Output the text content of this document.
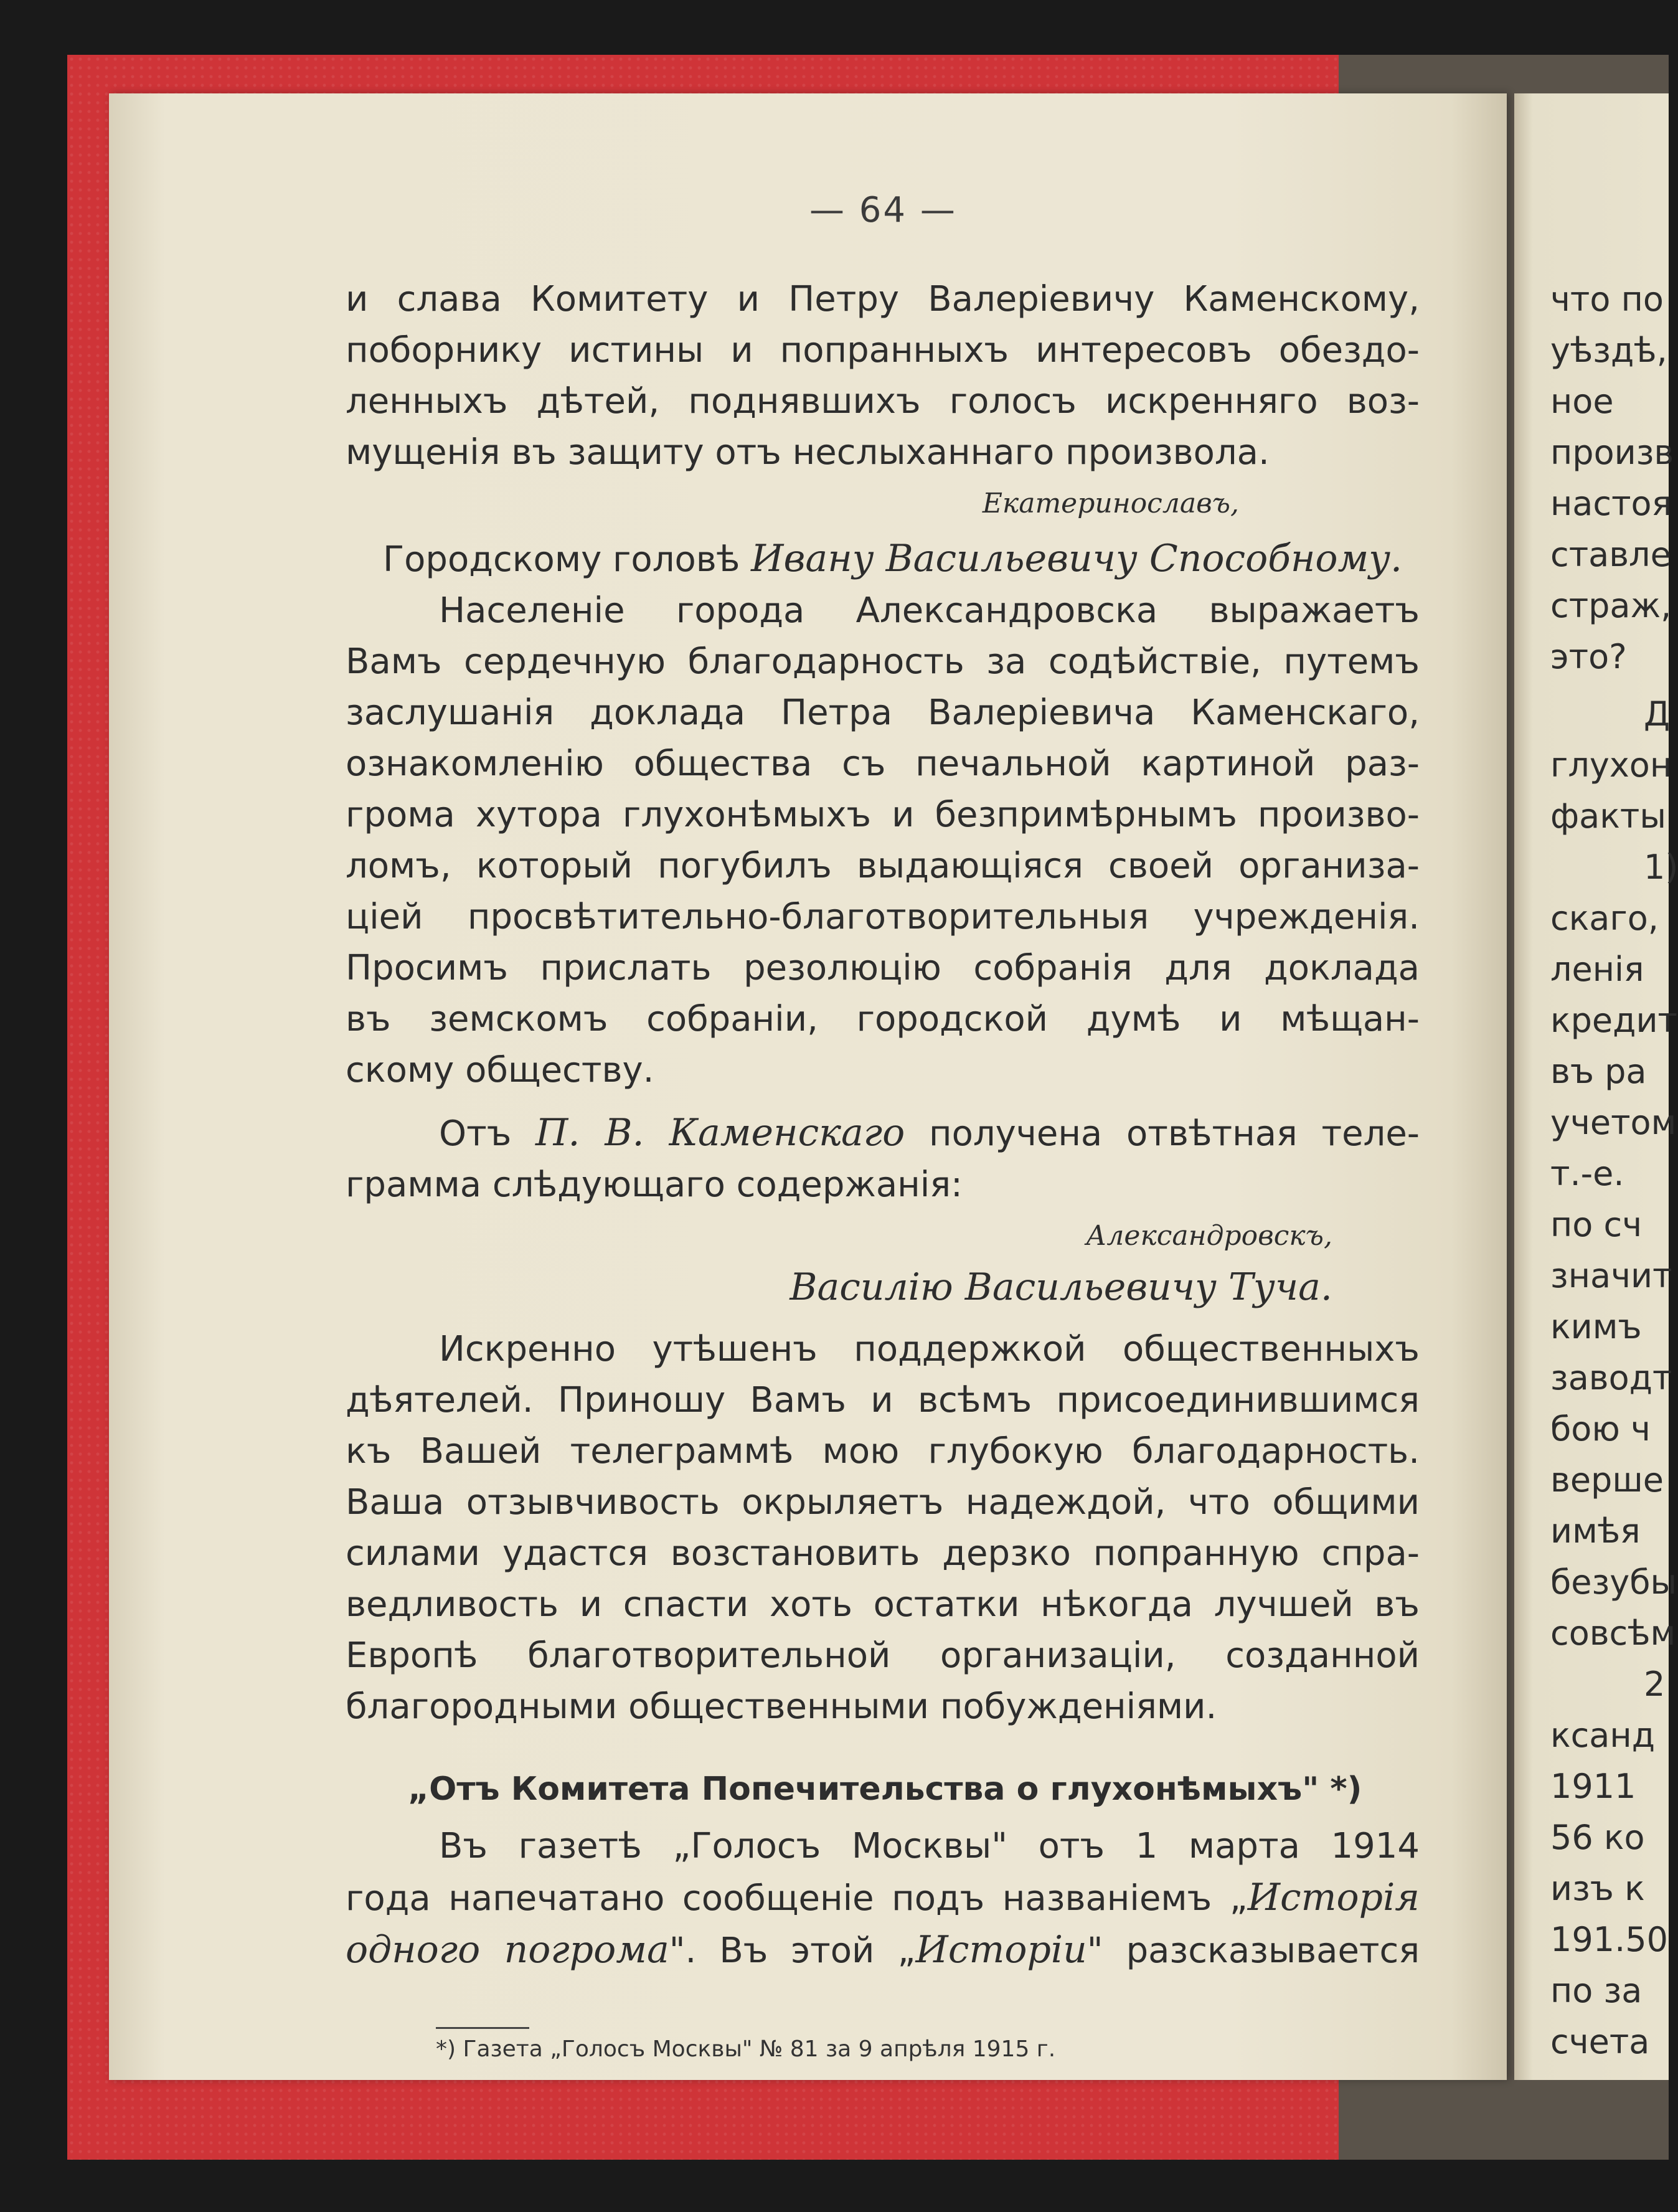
— 64 —
и слава Комитету и Петру Валеріевичу Каменскому,
поборнику истины и попранныхъ интересовъ обездо-
ленныхъ дѣтей, поднявшихъ голосъ искренняго воз-
мущенія въ защиту отъ неслыханнаго произвола.
Екатеринославъ,
Городскому головѣ Ивану Васильевичу Способному.
Населеніе города Александровска выражаетъ
Вамъ сердечную благодарность за содѣйствіе, путемъ
заслушанія доклада Петра Валеріевича Каменскаго,
ознакомленію общества съ печальной картиной раз-
грома хутора глухонѣмыхъ и безпримѣрнымъ произво-
ломъ, который погубилъ выдающіяся своей организа-
ціей просвѣтительно-благотворительныя учрежденія.
Просимъ прислать резолюцію собранія для доклада
въ земскомъ собраніи, городской думѣ и мѣщан-
скому обществу.
Отъ П. В. Каменскаго получена отвѣтная теле-
грамма слѣдующаго содержанія:
Александровскъ,
Василію Васильевичу Туча.
Искренно утѣшенъ поддержкой общественныхъ
дѣятелей. Приношу Вамъ и всѣмъ присоединившимся
къ Вашей телеграммѣ мою глубокую благодарность.
Ваша отзывчивость окрыляетъ надеждой, что общими
силами удастся возстановить дерзко попранную спра-
ведливость и спасти хоть остатки нѣкогда лучшей въ
Европѣ благотворительной организаціи, созданной
благородными общественными побужденіями.
„Отъ Комитета Попечительства о глухонѣмыхъ" *)
Въ газетѣ „Голосъ Москвы" отъ 1 марта 1914
года напечатано сообщеніе подъ названіемъ „Исторія
одного погрома". Въ этой „Исторіи" разсказывается
*) Газета „Голосъ Москвы" № 81 за 9 апрѣля 1915 г.
что по
уѣздѣ,
ное
произв
настоя
ставле
страж,
это?
Д
глухон
факты
1)
скаго,
ленія
кредит
въ ра
учетом
т.-е.
по сч
значит
кимъ
заводт
бою ч
верше
имѣя
безубы
совсѣм
2
ксанд
1911
56 ко
изъ к
191.50
по за
счета
